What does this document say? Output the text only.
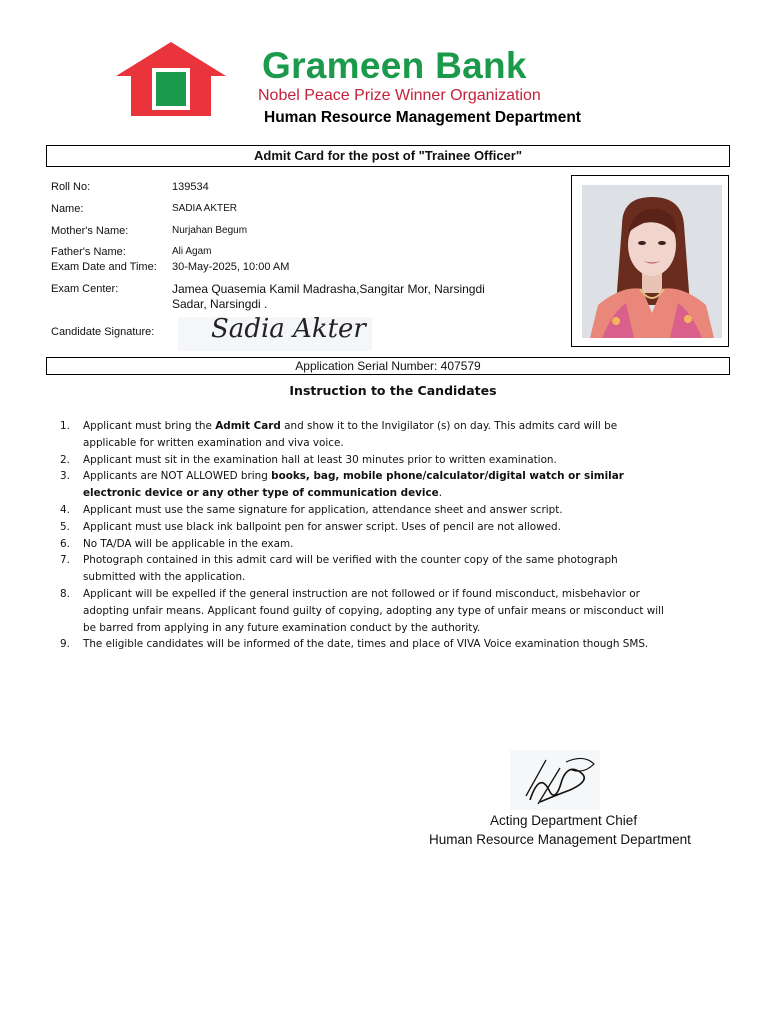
Grameen Bank
Nobel Peace Prize Winner Organization
Human Resource Management Department
Admit Card for the post of "Trainee Officer"
Roll No:	139534
Name:	SADIA AKTER
Mother's Name:	Nurjahan Begum
Father's Name:	Ali Agam
Exam Date and Time: 30-May-2025, 10:00 AM
Exam Center:	Jamea Quasemia Kamil Madrasha,Sangitar Mor, Narsingdi
Sadar, Narsingdi .
Candidate Signature: Sadia Akter
Application Serial Number: 407579
Instruction to the Candidates
1. Applicant must bring the Admit Card and show it to the Invigilator (s) on day. This admits card will be applicable for written examination and viva voice.
2. Applicant must sit in the examination hall at least 30 minutes prior to written examination.
3. Applicants are NOT ALLOWED bring books, bag, mobile phone/calculator/digital watch or similar electronic device or any other type of communication device.
4. Applicant must use the same signature for application, attendance sheet and answer script.
5. Applicant must use black ink ballpoint pen for answer script. Uses of pencil are not allowed.
6. No TA/DA will be applicable in the exam.
7. Photograph contained in this admit card will be verified with the counter copy of the same photograph submitted with the application.
8. Applicant will be expelled if the general instruction are not followed or if found misconduct, misbehavior or adopting unfair means. Applicant found guilty of copying, adopting any type of unfair means or misconduct will be barred from applying in any future examination conduct by the authority.
9. The eligible candidates will be informed of the date, times and place of VIVA Voice examination though SMS.
Acting Department Chief
Human Resource Management Department
